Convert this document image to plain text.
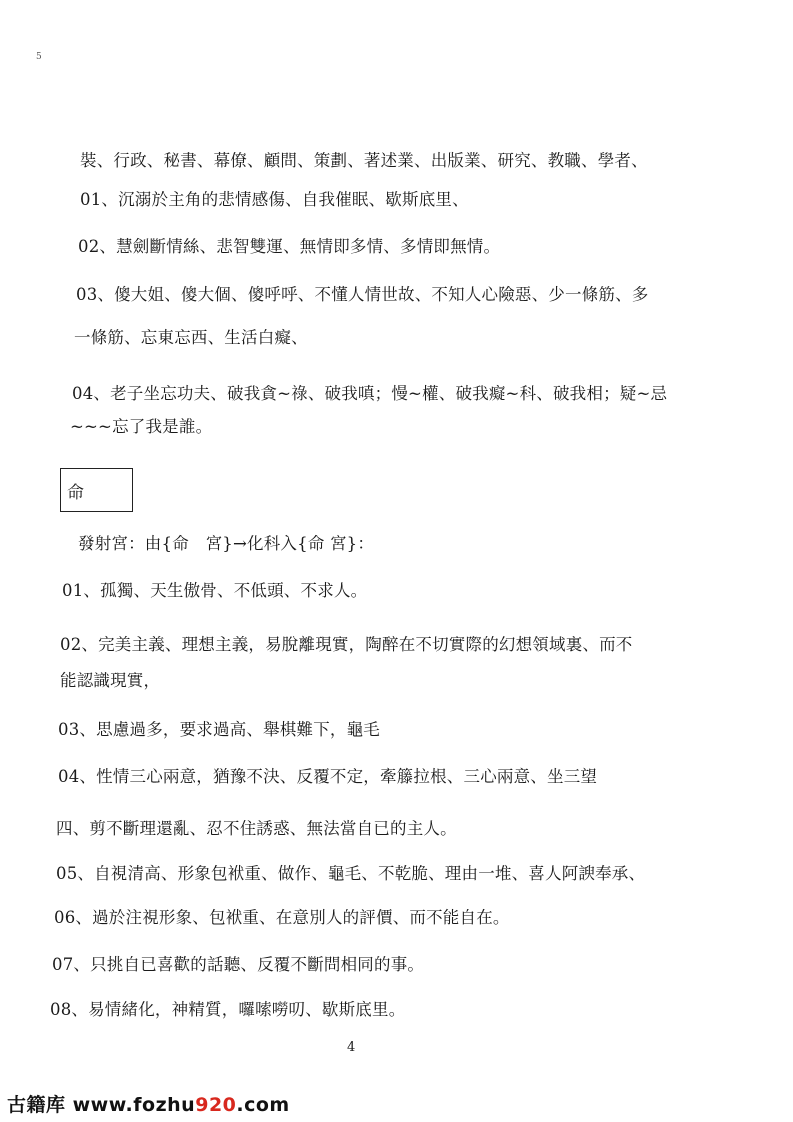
5
裝、行政、秘書、幕僚、顧問、策劃、著述業、出版業、研究、教職、學者、
01、沉溺於主角的悲情感傷、自我催眠、歇斯底里、
02、慧劍斷情絲、悲智雙運、無情即多情、多情即無情。
03、傻大姐、傻大個、傻呼呼、不懂人情世故、不知人心險惡、少一條筋、多
一條筋、忘東忘西、生活白癡、
04、老子坐忘功夫、破我貪~祿、破我嗔；慢~權、破我癡~科、破我相；疑~忌
~~~忘了我是誰。
命
發射宮：由{命　宮}→化科入{命 宮}：
01、孤獨、天生傲骨、不低頭、不求人。
02、完美主義、理想主義，易脫離現實，陶醉在不切實際的幻想領域裏、而不
能認識現實，
03、思慮過多，要求過高、舉棋難下，龜毛
04、性情三心兩意，猶豫不決、反覆不定，牽籐拉根、三心兩意、坐三望
四、剪不斷理還亂、忍不住誘惑、無法當自已的主人。
05、自視清高、形象包袱重、做作、龜毛、不乾脆、理由一堆、喜人阿諛奉承、
06、過於注視形象、包袱重、在意別人的評價、而不能自在。
07、只挑自已喜歡的話聽、反覆不斷問相同的事。
08、易情緒化，神精質，囉嗦嘮叨、歇斯底里。
4
古籍库 www.fozhu920.com
